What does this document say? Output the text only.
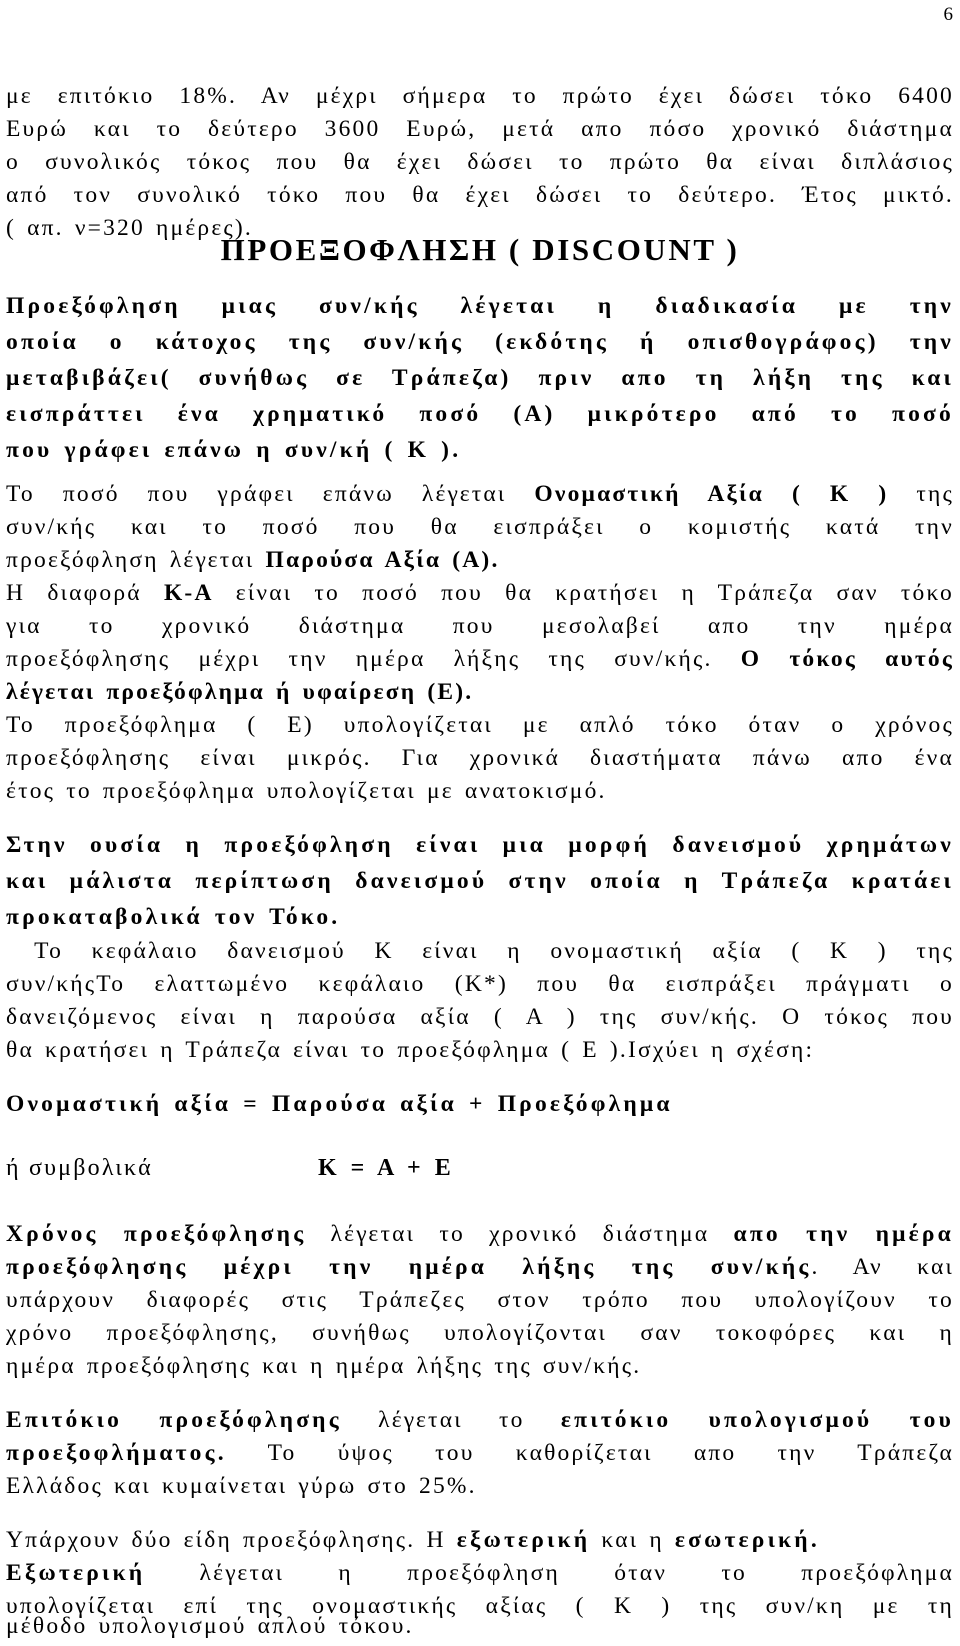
6
με επιτόκιο 18%. Αν μέχρι σήμερα το πρώτο έχει δώσει τόκο 6400
Ευρώ και το δεύτερο 3600 Ευρώ, μετά απο πόσο χρονικό διάστημα
ο συνολικός τόκος που θα έχει δώσει το πρώτο θα είναι διπλάσιος
από τον συνολικό τόκο που θα έχει δώσει το δεύτερο. Έτος μικτό.
( απ. ν=320 ημέρες).
ΠΡΟΕΞΟΦΛΗΣΗ ( DISCOUNT )
Προεξόφληση μιας συν/κής λέγεται η διαδικασία με την
οποία ο κάτοχος της συν/κής (εκδότης ή οπισθογράφος) την
μεταβιβάζει( συνήθως σε Τράπεζα) πριν απο τη λήξη της και
εισπράττει ένα χρηματικό ποσό (Α) μικρότερο από το ποσό
που γράφει επάνω η συν/κή ( Κ ).
Το ποσό που γράφει επάνω λέγεται Ονομαστική Αξία ( Κ ) της
συν/κής και το ποσό που θα εισπράξει ο κομιστής κατά την
προεξόφληση λέγεται Παρούσα Αξία (Α).
Η διαφορά Κ-Α είναι το ποσό που θα κρατήσει η Τράπεζα σαν τόκο
για το χρονικό διάστημα που μεσολαβεί απο την ημέρα
προεξόφλησης μέχρι την ημέρα λήξης της συν/κής. Ο τόκος αυτός
λέγεται προεξόφλημα ή υφαίρεση (Ε).
Το προεξόφλημα ( Ε) υπολογίζεται με απλό τόκο όταν ο χρόνος
προεξόφλησης είναι μικρός. Για χρονικά διαστήματα πάνω απο ένα
έτος το προεξόφλημα υπολογίζεται με ανατοκισμό.
Στην ουσία η προεξόφληση είναι μια μορφή δανεισμού χρημάτων
και μάλιστα περίπτωση δανεισμού στην οποία η Τράπεζα κρατάει
προκαταβολικά τον Τόκο.
Το κεφάλαιο δανεισμού Κ είναι η ονομαστική αξία ( Κ ) της
συν/κήςΤο ελαττωμένο κεφάλαιο (Κ*) που θα εισπράξει πράγματι ο
δανειζόμενος είναι η παρούσα αξία ( Α ) της συν/κής. Ο τόκος που
θα κρατήσει η Τράπεζα είναι το προεξόφλημα ( Ε ).Ισχύει η σχέση:
Ονομαστική αξία = Παρούσα αξία + Προεξόφλημα
ή συμβολικά	Κ = Α + Ε
Χρόνος προεξόφλησης λέγεται το χρονικό διάστημα απο την ημέρα
προεξόφλησης μέχρι την ημέρα λήξης της συν/κής. Αν και
υπάρχουν διαφορές στις Τράπεζες στον τρόπο που υπολογίζουν το
χρόνο προεξόφλησης, συνήθως υπολογίζονται σαν τοκοφόρες και η
ημέρα προεξόφλησης και η ημέρα λήξης της συν/κής.
Επιτόκιο προεξόφλησης λέγεται το επιτόκιο υπολογισμού του
προεξοφλήματος. Το ύψος του καθορίζεται απο την Τράπεζα
Ελλάδος και κυμαίνεται γύρω στο 25%.
Υπάρχουν δύο είδη προεξόφλησης. Η εξωτερική και η εσωτερική.
Εξωτερική λέγεται η προεξόφληση όταν το προεξόφλημα
υπολογίζεται επί της ονομαστικής αξίας ( Κ ) της συν/κη με τη
μέθοδο υπολογισμού απλού τόκου.
